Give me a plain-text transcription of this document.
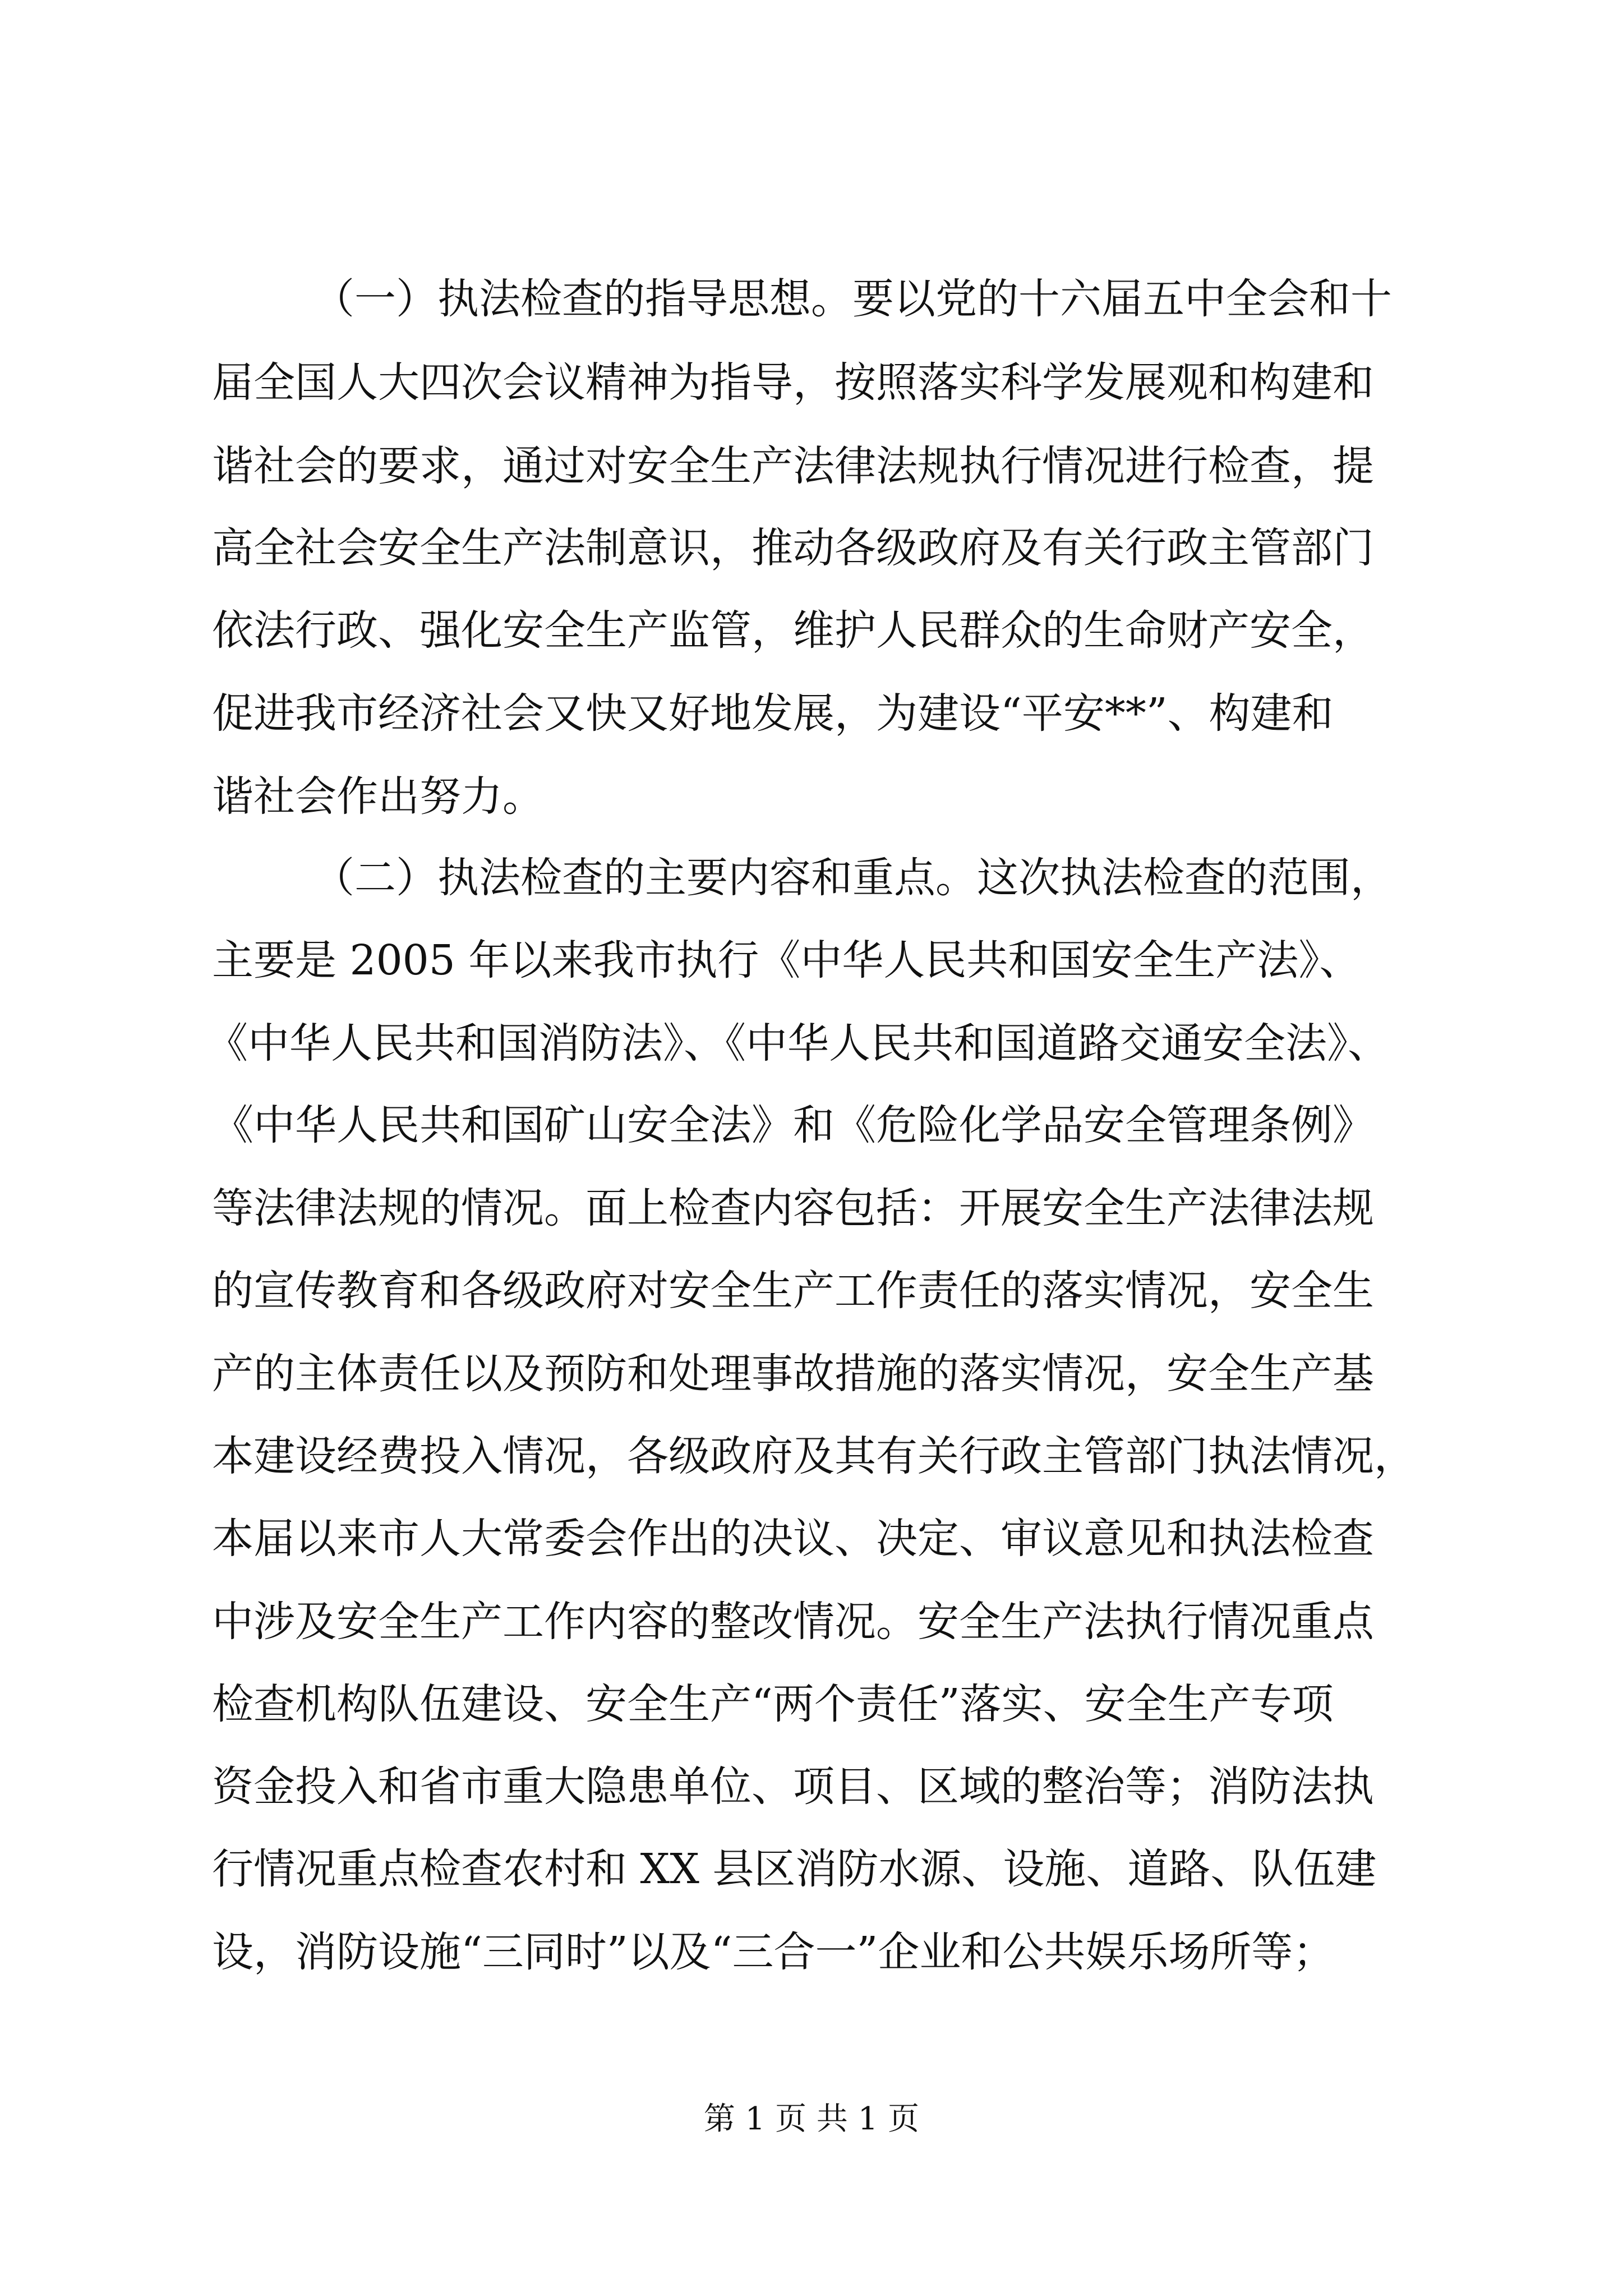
（一）执法检查的指导思想。要以党的十六届五中全会和十
届全国人大四次会议精神为指导，按照落实科学发展观和构建和
谐社会的要求，通过对安全生产法律法规执行情况进行检查，提
高全社会安全生产法制意识，推动各级政府及有关行政主管部门
依法行政、强化安全生产监管，维护人民群众的生命财产安全，
促进我市经济社会又快又好地发展，为建设“平安**”、构建和
谐社会作出努力。
（二）执法检查的主要内容和重点。这次执法检查的范围，
主要是 2005 年以来我市执行《中华人民共和国安全生产法》、
《中华人民共和国消防法》、《中华人民共和国道路交通安全法》、
《中华人民共和国矿山安全法》和《危险化学品安全管理条例》
等法律法规的情况。面上检查内容包括：开展安全生产法律法规
的宣传教育和各级政府对安全生产工作责任的落实情况，安全生
产的主体责任以及预防和处理事故措施的落实情况，安全生产基
本建设经费投入情况，各级政府及其有关行政主管部门执法情况，
本届以来市人大常委会作出的决议、决定、审议意见和执法检查
中涉及安全生产工作内容的整改情况。安全生产法执行情况重点
检查机构队伍建设、安全生产“两个责任”落实、安全生产专项
资金投入和省市重大隐患单位、项目、区域的整治等；消防法执
行情况重点检查农村和 XX 县区消防水源、设施、道路、队伍建
设，消防设施“三同时”以及“三合一”企业和公共娱乐场所等；
第 1 页 共 1 页
